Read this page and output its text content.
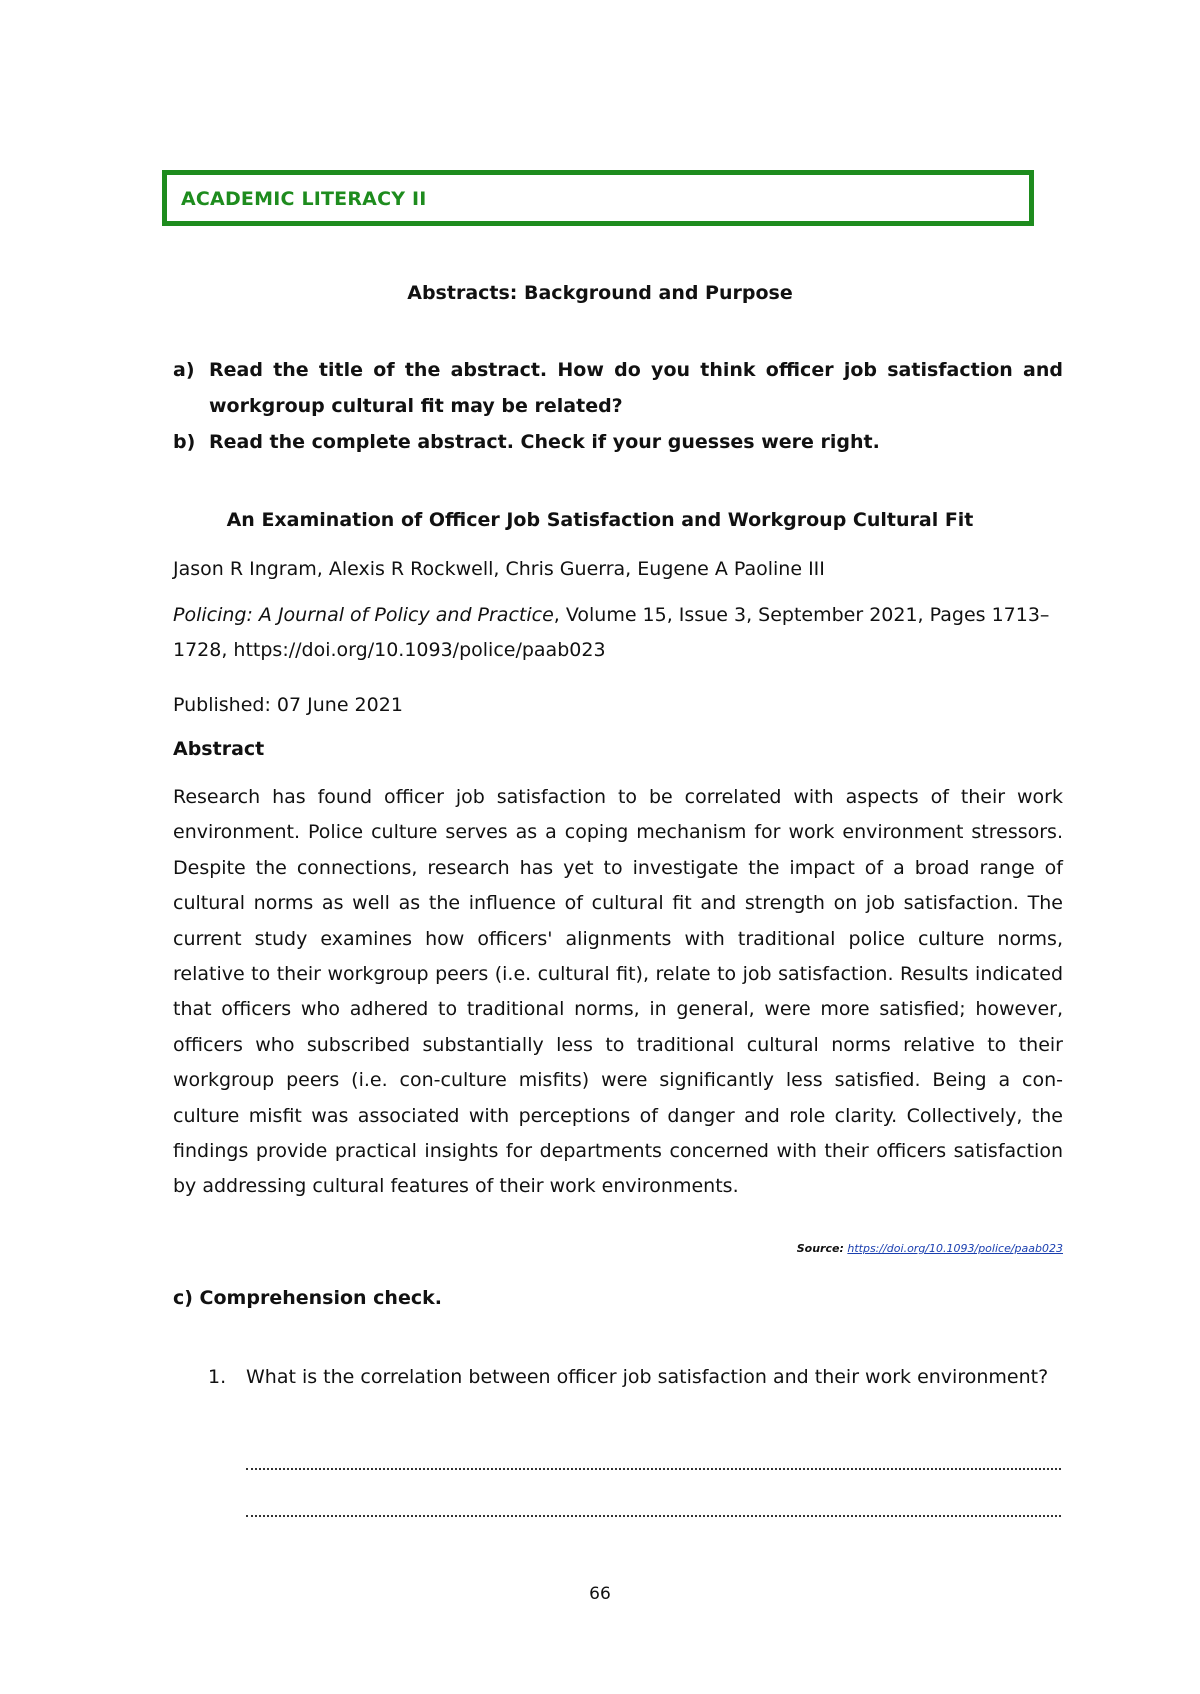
ACADEMIC LITERACY II
Abstracts: Background and Purpose
a) Read the title of the abstract. How do you think officer job satisfaction and workgroup cultural fit may be related?
b) Read the complete abstract. Check if your guesses were right.
An Examination of Officer Job Satisfaction and Workgroup Cultural Fit
Jason R Ingram, Alexis R Rockwell, Chris Guerra, Eugene A Paoline III
Policing: A Journal of Policy and Practice, Volume 15, Issue 3, September 2021, Pages 1713–1728, https://doi.org/10.1093/police/paab023
Published: 07 June 2021
Abstract
Research has found officer job satisfaction to be correlated with aspects of their work environment. Police culture serves as a coping mechanism for work environment stressors. Despite the connections, research has yet to investigate the impact of a broad range of cultural norms as well as the influence of cultural fit and strength on job satisfaction. The current study examines how officers' alignments with traditional police culture norms, relative to their workgroup peers (i.e. cultural fit), relate to job satisfaction. Results indicated that officers who adhered to traditional norms, in general, were more satisfied; however, officers who subscribed substantially less to traditional cultural norms relative to their workgroup peers (i.e. con-culture misfits) were significantly less satisfied. Being a con-culture misfit was associated with perceptions of danger and role clarity. Collectively, the findings provide practical insights for departments concerned with their officers satisfaction by addressing cultural features of their work environments.
Source: https://doi.org/10.1093/police/paab023
c) Comprehension check.
1. What is the correlation between officer job satisfaction and their work environment?
66
